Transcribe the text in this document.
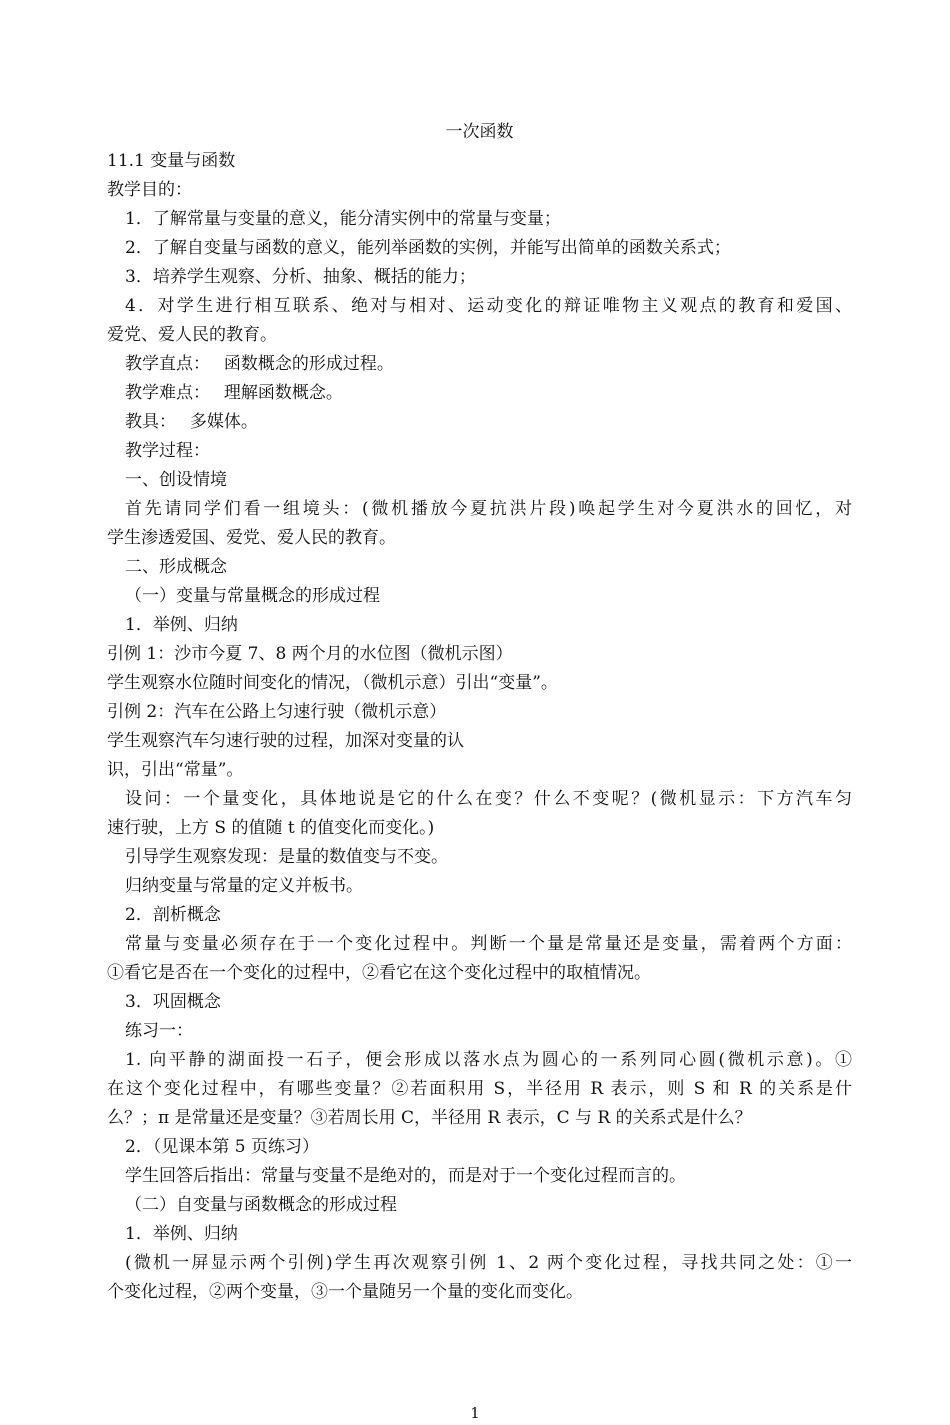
一次函数

11.1 变量与函数

教学目的：

1．了解常量与变量的意义，能分清实例中的常量与变量；

2．了解自变量与函数的意义，能列举函数的实例，并能写出简单的函数关系式；

3．培养学生观察、分析、抽象、概括的能力；

4．对学生进行相互联系、绝对与相对、运动变化的辩证唯物主义观点的教育和爱国、

爱党、爱人民的教育。

教学直点：　 函数概念的形成过程。

教学难点：　 理解函数概念。

教具：　 多媒体。

教学过程：

一、创设情境

首先请同学们看一组境头：(微机播放今夏抗洪片段)唤起学生对今夏洪水的回忆，对

学生渗透爱国、爱党、爱人民的教育。

二、形成概念

（一）变量与常量概念的形成过程

1．举例、归纳

引例 1：沙市今夏 7、8 两个月的水位图（微机示图）

学生观察水位随时间变化的情况，（微机示意）引出“变量”。

引例 2：汽车在公路上匀速行驶（微机示意）

学生观察汽车匀速行驶的过程，加深对变量的认

识，引出“常量”。

设问：一个量变化，具体地说是它的什么在变？什么不变呢？(微机显示：下方汽车匀

速行驶，上方 S 的值随 t 的值变化而变化。)

引导学生观察发现：是量的数值变与不变。

归纳变量与常量的定义并板书。

2．剖析概念

常量与变量必须存在于一个变化过程中。判断一个量是常量还是变量，需着两个方面：

①看它是否在一个变化的过程中，②看它在这个变化过程中的取植情况。

3．巩固概念

练习一：

1. 向平静的湖面投一石子，便会形成以落水点为圆心的一系列同心圆(微机示意)。①

在这个变化过程中，有哪些变量？②若面积用 S，半径用 R 表示，则 S 和 R 的关系是什

么？；π 是常量还是变量？③若周长用 C，半径用 R 表示，C 与 R 的关系式是什么？

2．（见课本第 5 页练习）

学生回答后指出：常量与变量不是绝对的，而是对于一个变化过程而言的。

（二）自变量与函数概念的形成过程

1．举例、归纳

(微机一屏显示两个引例)学生再次观察引例 1、2 两个变化过程，寻找共同之处：①一

个变化过程，②两个变量，③一个量随另一个量的变化而变化。

1
